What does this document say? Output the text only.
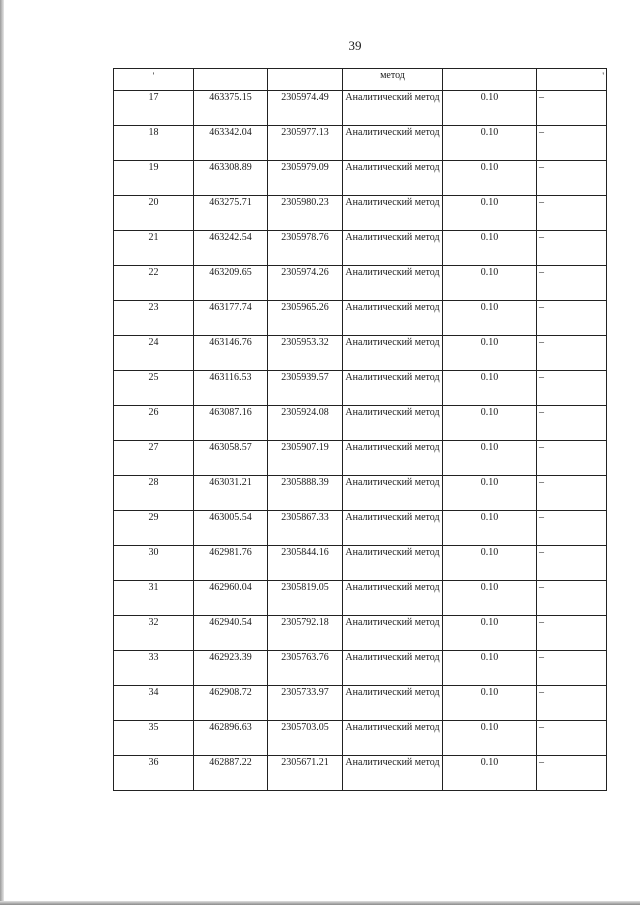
39
'			метод		'
17	463375.15	2305974.49	Аналитический метод	0.10	–
18	463342.04	2305977.13	Аналитический метод	0.10	–
19	463308.89	2305979.09	Аналитический метод	0.10	–
20	463275.71	2305980.23	Аналитический метод	0.10	–
21	463242.54	2305978.76	Аналитический метод	0.10	–
22	463209.65	2305974.26	Аналитический метод	0.10	–
23	463177.74	2305965.26	Аналитический метод	0.10	–
24	463146.76	2305953.32	Аналитический метод	0.10	–
25	463116.53	2305939.57	Аналитический метод	0.10	–
26	463087.16	2305924.08	Аналитический метод	0.10	–
27	463058.57	2305907.19	Аналитический метод	0.10	–
28	463031.21	2305888.39	Аналитический метод	0.10	–
29	463005.54	2305867.33	Аналитический метод	0.10	–
30	462981.76	2305844.16	Аналитический метод	0.10	–
31	462960.04	2305819.05	Аналитический метод	0.10	–
32	462940.54	2305792.18	Аналитический метод	0.10	–
33	462923.39	2305763.76	Аналитический метод	0.10	–
34	462908.72	2305733.97	Аналитический метод	0.10	–
35	462896.63	2305703.05	Аналитический метод	0.10	–
36	462887.22	2305671.21	Аналитический метод	0.10	–
